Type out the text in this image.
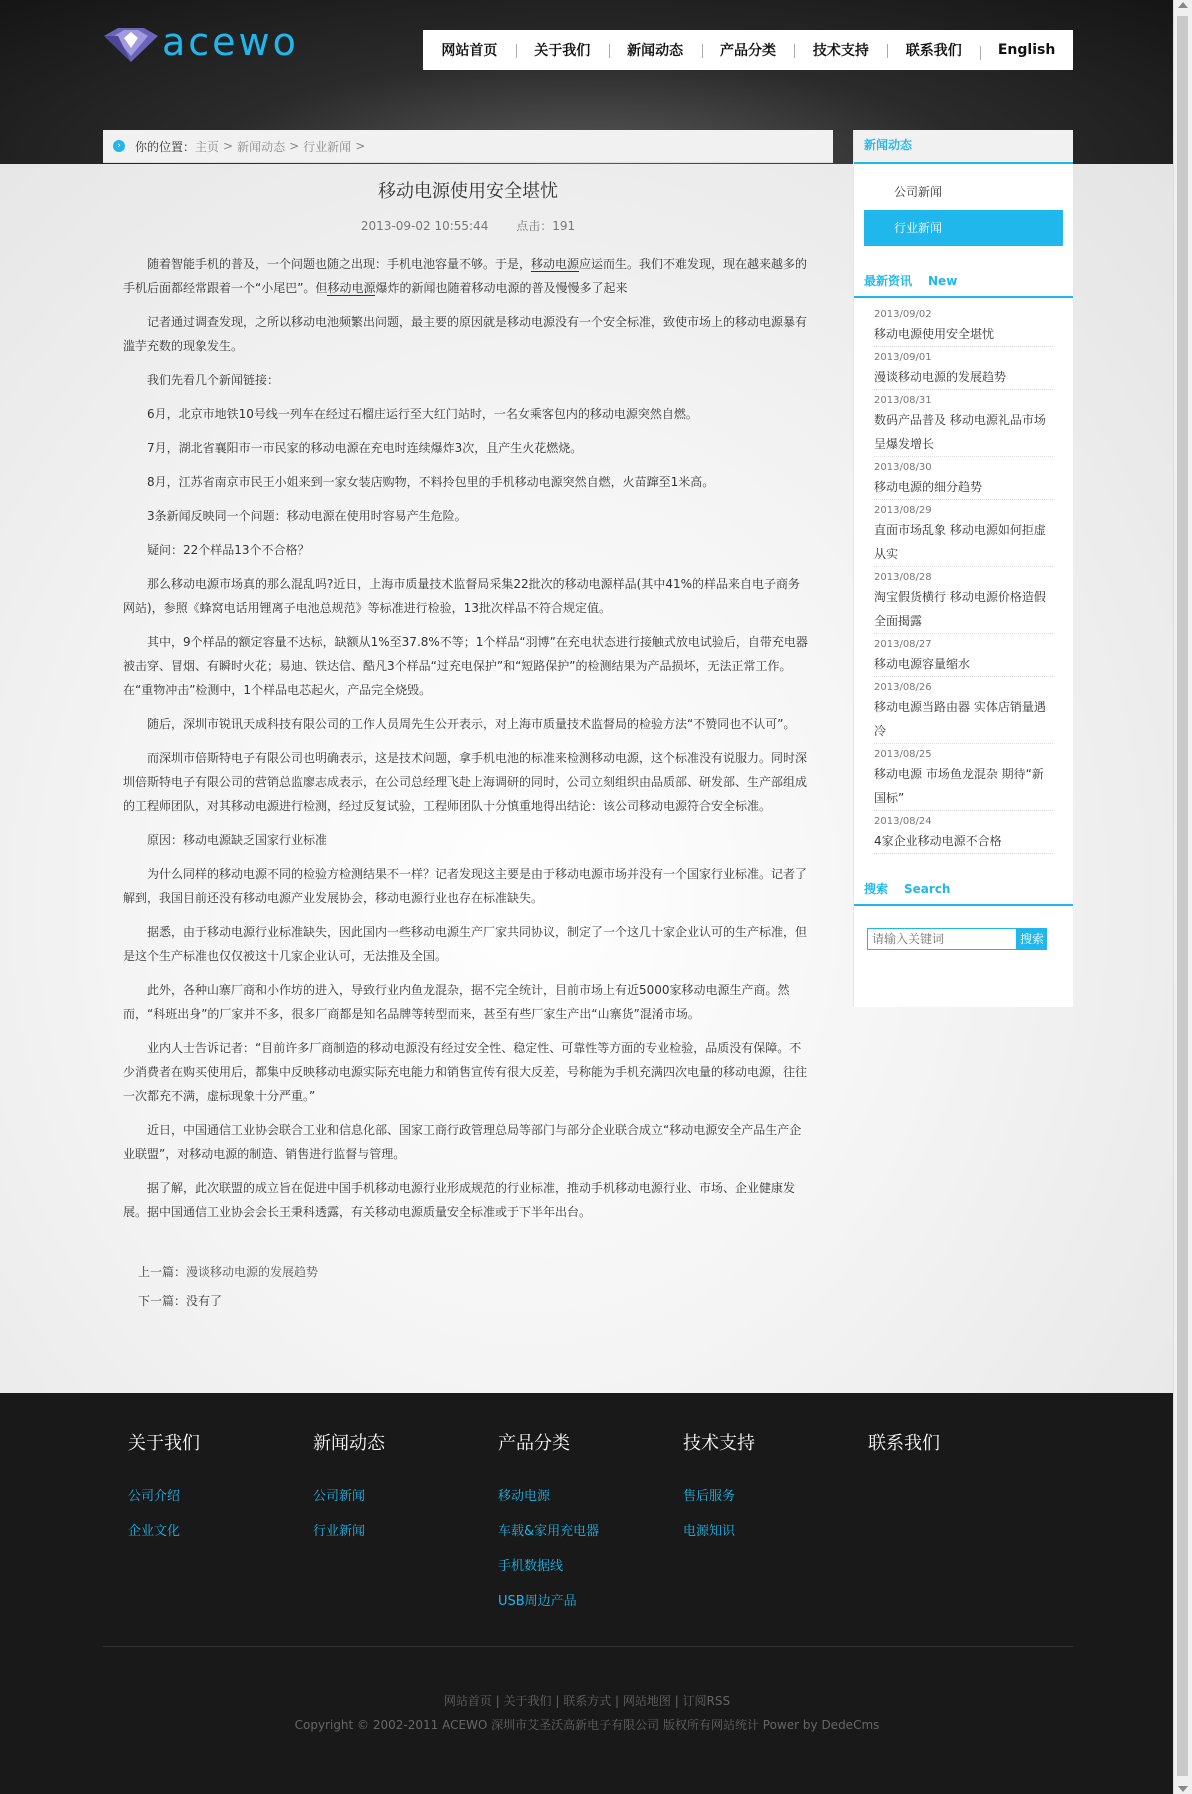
acewo	网站首页	关于我们	新闻动态	产品分类	技术支持	联系我们	English
›	你的位置： 主页 > 新闻动态 > 行业新闻 >
移动电源使用安全堪忧
2013-09-02 10:55:44 点击：191

随着智能手机的普及，一个问题也随之出现：手机电池容量不够。于是，移动电源应运而生。我们不难发现，现在越来越多的手机后面都经常跟着一个“小尾巴”。但移动电源爆炸的新闻也随着移动电源的普及慢慢多了起来

记者通过调查发现，之所以移动电池频繁出问题，最主要的原因就是移动电源没有一个安全标准，致使市场上的移动电源暴有滥芋充数的现象发生。

我们先看几个新闻链接：

6月，北京市地铁10号线一列车在经过石榴庄运行至大红门站时，一名女乘客包内的移动电源突然自燃。

7月，湖北省襄阳市一市民家的移动电源在充电时连续爆炸3次，且产生火花燃烧。

8月，江苏省南京市民王小姐来到一家女装店购物，不料拎包里的手机移动电源突然自燃，火苗蹿至1米高。

3条新闻反映同一个问题：移动电源在使用时容易产生危险。

疑问：22个样品13个不合格？

那么移动电源市场真的那么混乱吗?近日，上海市质量技术监督局采集22批次的移动电源样品(其中41%的样品来自电子商务网站)，参照《蜂窝电话用锂离子电池总规范》等标准进行检验，13批次样品不符合规定值。

其中，9个样品的额定容量不达标，缺额从1%至37.8%不等；1个样品“羽博”在充电状态进行接触式放电试验后，自带充电器被击穿、冒烟、有瞬时火花；易迪、铁达信、酷凡3个样品“过充电保护”和“短路保护”的检测结果为产品损坏，无法正常工作。在“重物冲击”检测中，1个样品电芯起火，产品完全烧毁。

随后，深圳市锐讯天成科技有限公司的工作人员周先生公开表示，对上海市质量技术监督局的检验方法“不赞同也不认可”。

而深圳市倍斯特电子有限公司也明确表示，这是技术问题，拿手机电池的标准来检测移动电源，这个标准没有说服力。同时深圳倍斯特电子有限公司的营销总监廖志成表示，在公司总经理飞赴上海调研的同时，公司立刻组织由品质部、研发部、生产部组成的工程师团队，对其移动电源进行检测，经过反复试验，工程师团队十分慎重地得出结论：该公司移动电源符合安全标准。

原因：移动电源缺乏国家行业标准

为什么同样的移动电源不同的检验方检测结果不一样？记者发现这主要是由于移动电源市场并没有一个国家行业标准。记者了解到，我国目前还没有移动电源产业发展协会，移动电源行业也存在标准缺失。

据悉，由于移动电源行业标准缺失，因此国内一些移动电源生产厂家共同协议，制定了一个这几十家企业认可的生产标准，但是这个生产标准也仅仅被这十几家企业认可，无法推及全国。

此外，各种山寨厂商和小作坊的进入，导致行业内鱼龙混杂，据不完全统计，目前市场上有近5000家移动电源生产商。然而，“科班出身”的厂家并不多，很多厂商都是知名品牌等转型而来，甚至有些厂家生产出“山寨货”混淆市场。

业内人士告诉记者：“目前许多厂商制造的移动电源没有经过安全性、稳定性、可靠性等方面的专业检验，品质没有保障。不少消费者在购买使用后，都集中反映移动电源实际充电能力和销售宣传有很大反差，号称能为手机充满四次电量的移动电源，往往一次都充不满，虚标现象十分严重。”

近日，中国通信工业协会联合工业和信息化部、国家工商行政管理总局等部门与部分企业联合成立“移动电源安全产品生产企业联盟”，对移动电源的制造、销售进行监督与管理。

据了解，此次联盟的成立旨在促进中国手机移动电源行业形成规范的行业标准，推动手机移动电源行业、市场、企业健康发展。据中国通信工业协会会长王秉科透露，有关移动电源质量安全标准或于下半年出台。

上一篇：漫谈移动电源的发展趋势
下一篇：没有了
新闻动态
公司新闻
行业新闻
最新资讯 New
2013/09/02
移动电源使用安全堪忧
2013/09/01
漫谈移动电源的发展趋势
2013/08/31
数码产品普及 移动电源礼品市场呈爆发增长
2013/08/30
移动电源的细分趋势
2013/08/29
直面市场乱象 移动电源如何拒虚从实
2013/08/28
淘宝假货横行 移动电源价格造假全面揭露
2013/08/27
移动电源容量缩水
2013/08/26
移动电源当路由器 实体店销量遇冷
2013/08/25
移动电源 市场鱼龙混杂 期待“新国标”
2013/08/24
4家企业移动电源不合格
搜索 Search
请输入关键词
搜索
关于我们
公司介绍
企业文化
新闻动态
公司新闻
行业新闻
产品分类
移动电源
车载&家用充电器
手机数据线
USB周边产品
技术支持
售后服务
电源知识
联系我们
网站首页 | 关于我们 | 联系方式 | 网站地图 | 订阅RSS
Copyright © 2002-2011 ACEWO 深圳市艾圣沃高新电子有限公司 版权所有网站统计 Power by DedeCms
